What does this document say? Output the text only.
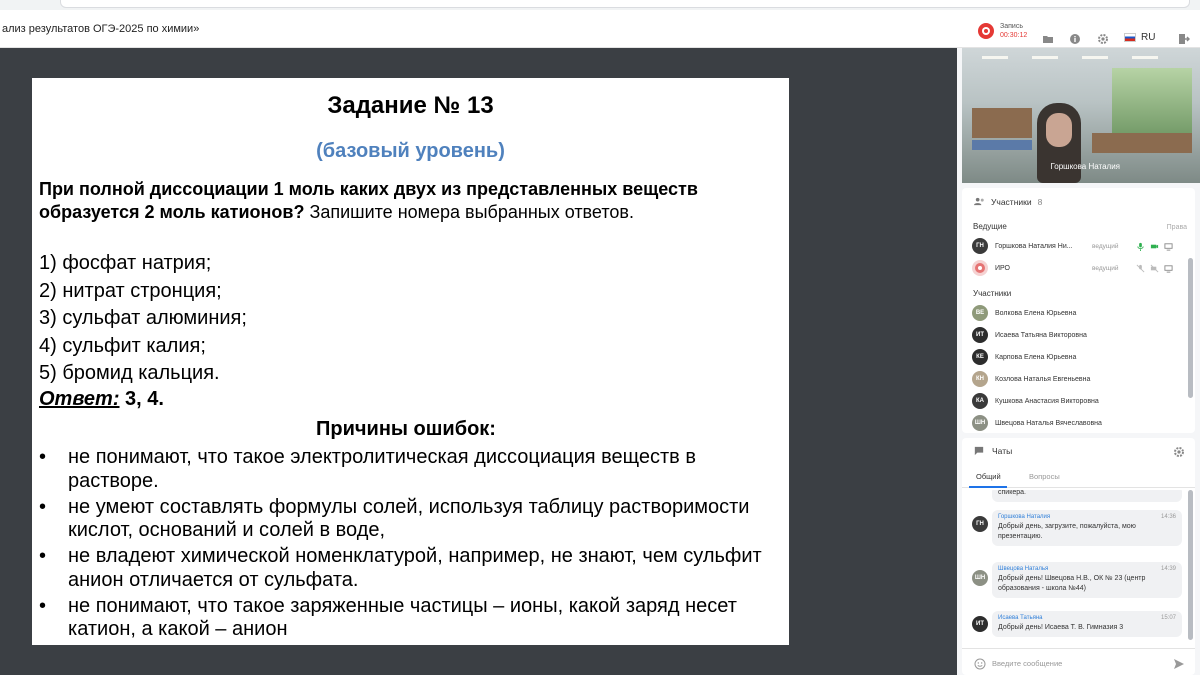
ализ результатов ОГЭ-2025 по химии»	Запись
00:30:12	RU
Задание № 13
(базовый уровень)
При полной диссоциации 1 моль каких двух из представленных веществ образуется 2 моль катионов? Запишите номера выбранных ответов.
1) фосфат натрия;
2) нитрат стронция;
3) сульфат алюминия;
4) сульфит калия;
5) бромид кальция.
Ответ: 3, 4.
Причины ошибок:
• не понимают, что такое электролитическая диссоциация веществ в растворе.
• не умеют составлять формулы солей, используя таблицу растворимости кислот, оснований и солей в воде,
• не владеют химической номенклатурой, например, не знают, чем сульфит анион отличается от сульфата.
• не понимают, что такое заряженные частицы – ионы, какой заряд несет катион, а какой – анион
Горшкова Наталия
Участники 8
Ведущие	Права
ГН	Горшкова Наталия Ни...	ведущий
ИРО	ведущий
Участники
ВЕ	Волкова Елена Юрьевна
ИТ	Исаева Татьяна Викторовна
КЕ	Карпова Елена Юрьевна
КН	Козлова Наталья Евгеньевна
КА	Кушкова Анастасия Викторовна
ШН	Швецова Наталья Вячеславовна
Чаты
Общий	Вопросы
спикера.
ГН
Горшкова Наталия	14:36
Добрый день, загрузите, пожалуйста, мою презентацию.
ШН
Швецова Наталья	14:39
Добрый день! Швецова Н.В., ОК № 23 (центр образования - школа №44)
ИТ
Исаева Татьяна	15:07
Добрый день! Исаева Т. В. Гимназия 3
Введите сообщение
